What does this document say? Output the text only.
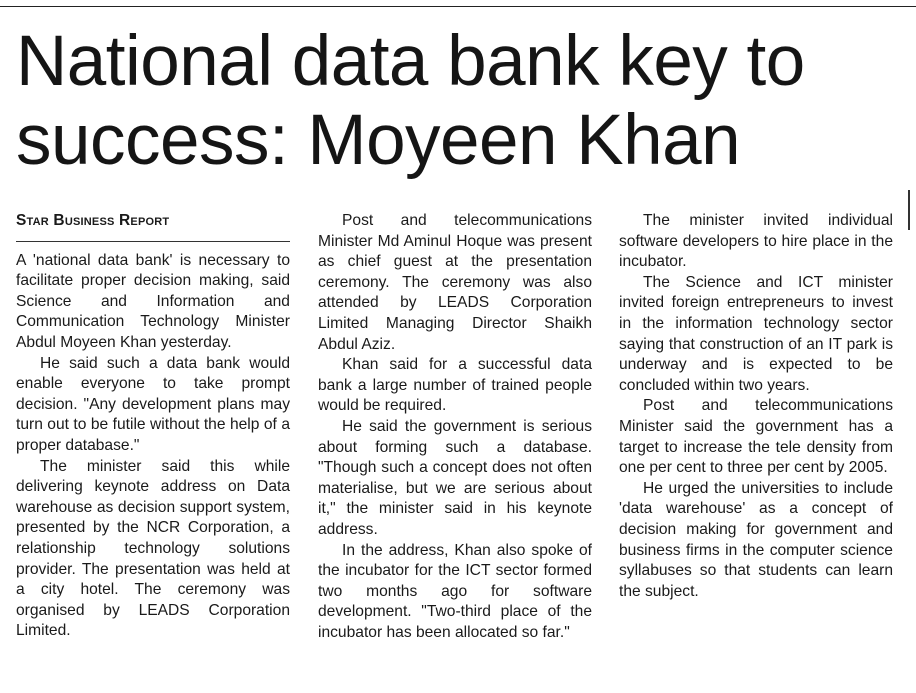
National data bank key to success: Moyeen Khan
Star Business Report

A 'national data bank' is necessary to facilitate proper decision making, said Science and Information and Communication Technology Minister Abdul Moyeen Khan yesterday.

He said such a data bank would enable everyone to take prompt decision. "Any development plans may turn out to be futile without the help of a proper database."

The minister said this while delivering keynote address on Data warehouse as decision support system, presented by the NCR Corporation, a relationship technology solutions provider. The presentation was held at a city hotel. The ceremony was organised by LEADS Corporation Limited.

Post and telecommunications Minister Md Aminul Hoque was present as chief guest at the presentation ceremony. The ceremony was also attended by LEADS Corporation Limited Managing Director Shaikh Abdul Aziz.

Khan said for a successful data bank a large number of trained people would be required.

He said the government is serious about forming such a database. "Though such a concept does not often materialise, but we are serious about it," the minister said in his keynote address.

In the address, Khan also spoke of the incubator for the ICT sector formed two months ago for software development. "Two-third place of the incubator has been allocated so far."

The minister invited individual software developers to hire place in the incubator.

The Science and ICT minister invited foreign entrepreneurs to invest in the information technology sector saying that construction of an IT park is underway and is expected to be concluded within two years.

Post and telecommunications Minister said the government has a target to increase the tele density from one per cent to three per cent by 2005.

He urged the universities to include 'data warehouse' as a concept of decision making for government and business firms in the computer science syllabuses so that students can learn the subject.
